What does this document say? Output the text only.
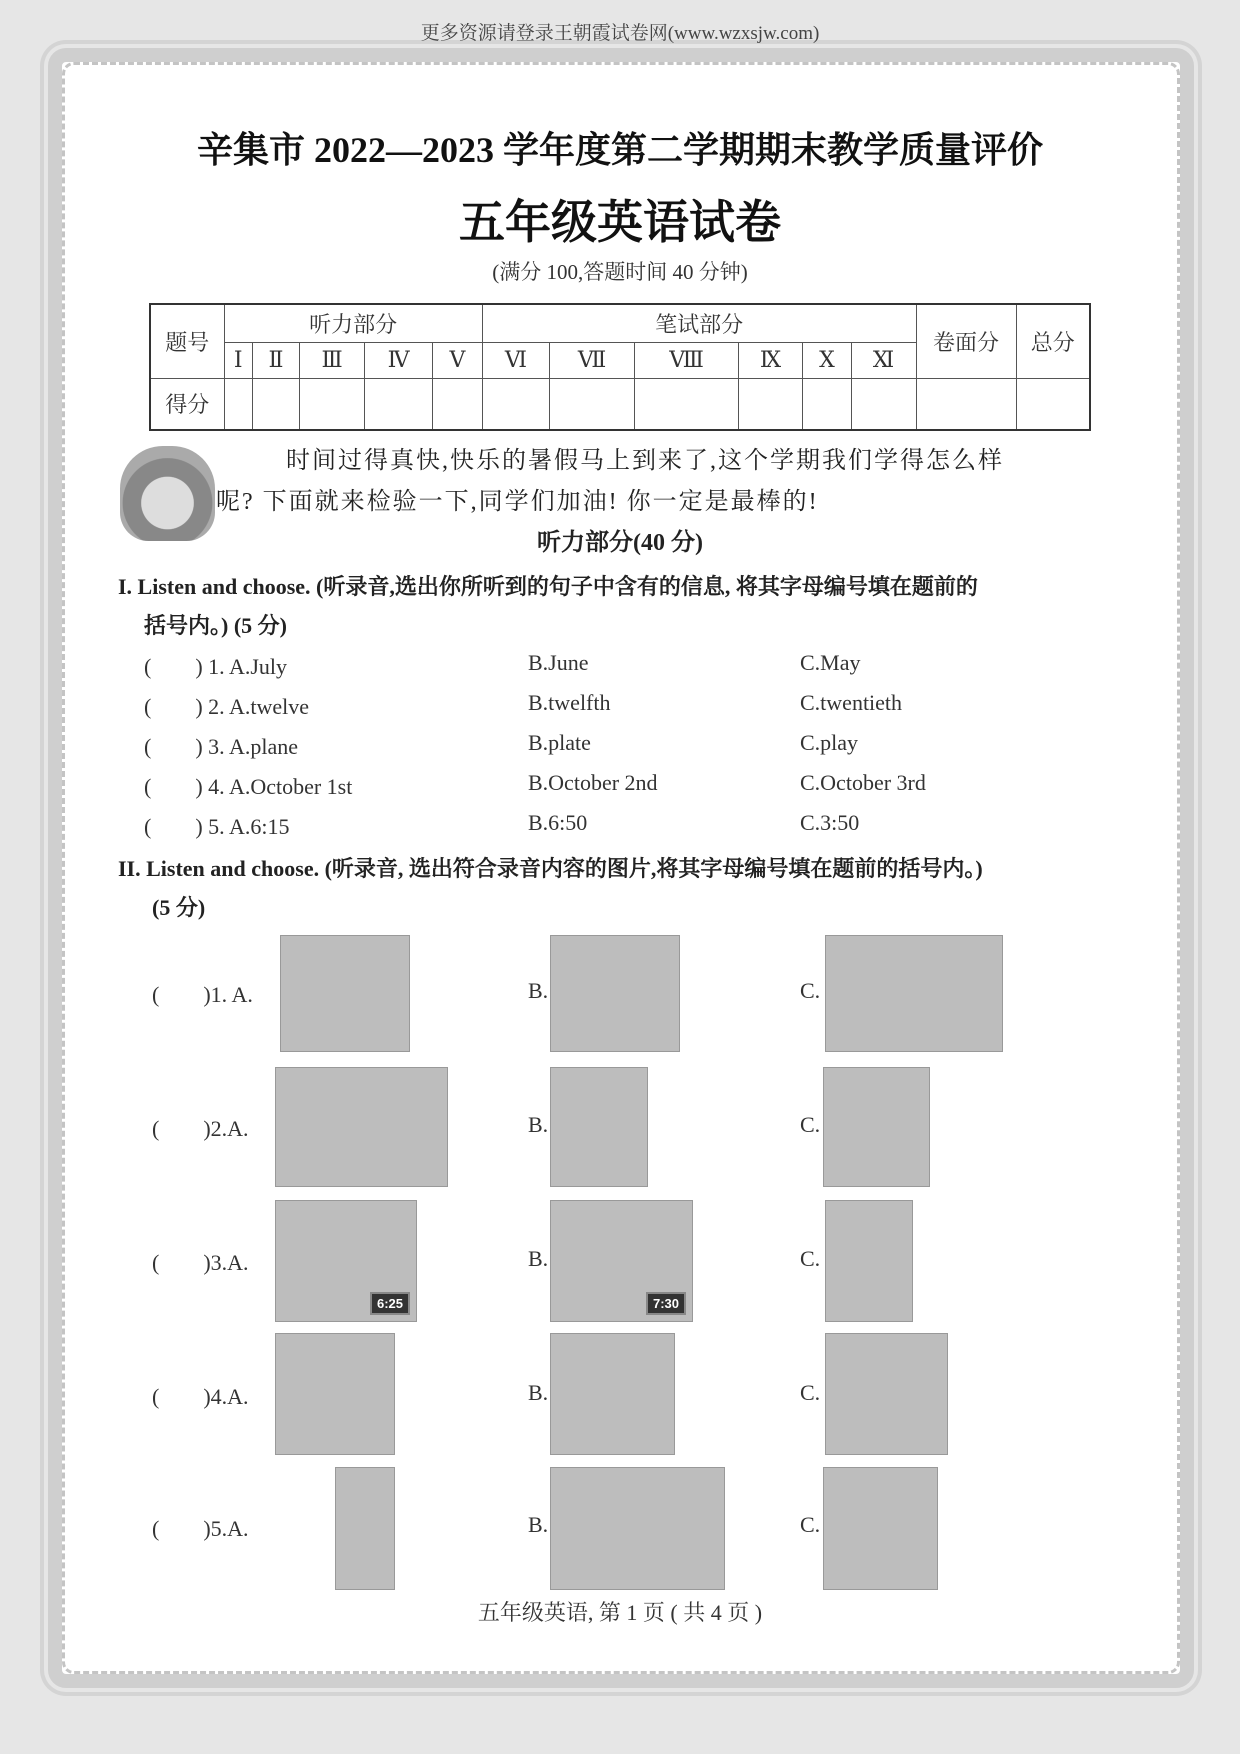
更多资源请登录王朝霞试卷网(www.wzxsjw.com)
辛集市 2022—2023 学年度第二学期期末教学质量评价
五年级英语试卷
(满分 100,答题时间 40 分钟)
题号	听力部分					笔试部分						卷面分	总分
	Ⅰ	Ⅱ	Ⅲ	Ⅳ	Ⅴ	Ⅵ	Ⅶ	Ⅷ	Ⅸ	Ⅹ	Ⅺ		
得分													
时间过得真快,快乐的暑假马上到来了,这个学期我们学得怎么样
呢? 下面就来检验一下,同学们加油! 你一定是最棒的!
听力部分(40 分)
I. Listen and choose. (听录音,选出你所听到的句子中含有的信息, 将其字母编号填在题前的
括号内。) (5 分)
(　　) 1. A.July	B.June	C.May
(　　) 2. A.twelve	B.twelfth	C.twentieth
(　　) 3. A.plane	B.plate	C.play
(　　) 4. A.October 1st	B.October 2nd	C.October 3rd
(　　) 5. A.6:15	B.6:50	C.3:50
II. Listen and choose. (听录音, 选出符合录音内容的图片,将其字母编号填在题前的括号内。)
(5 分)
(　　)1. A.	B.	C.
(　　)2.A.	B.	C.
(　　)3.A.	B.	C.
6:25	7:30
(　　)4.A.	B.	C.
(　　)5.A.	B.	C.
五年级英语, 第 1 页 ( 共 4 页 )
